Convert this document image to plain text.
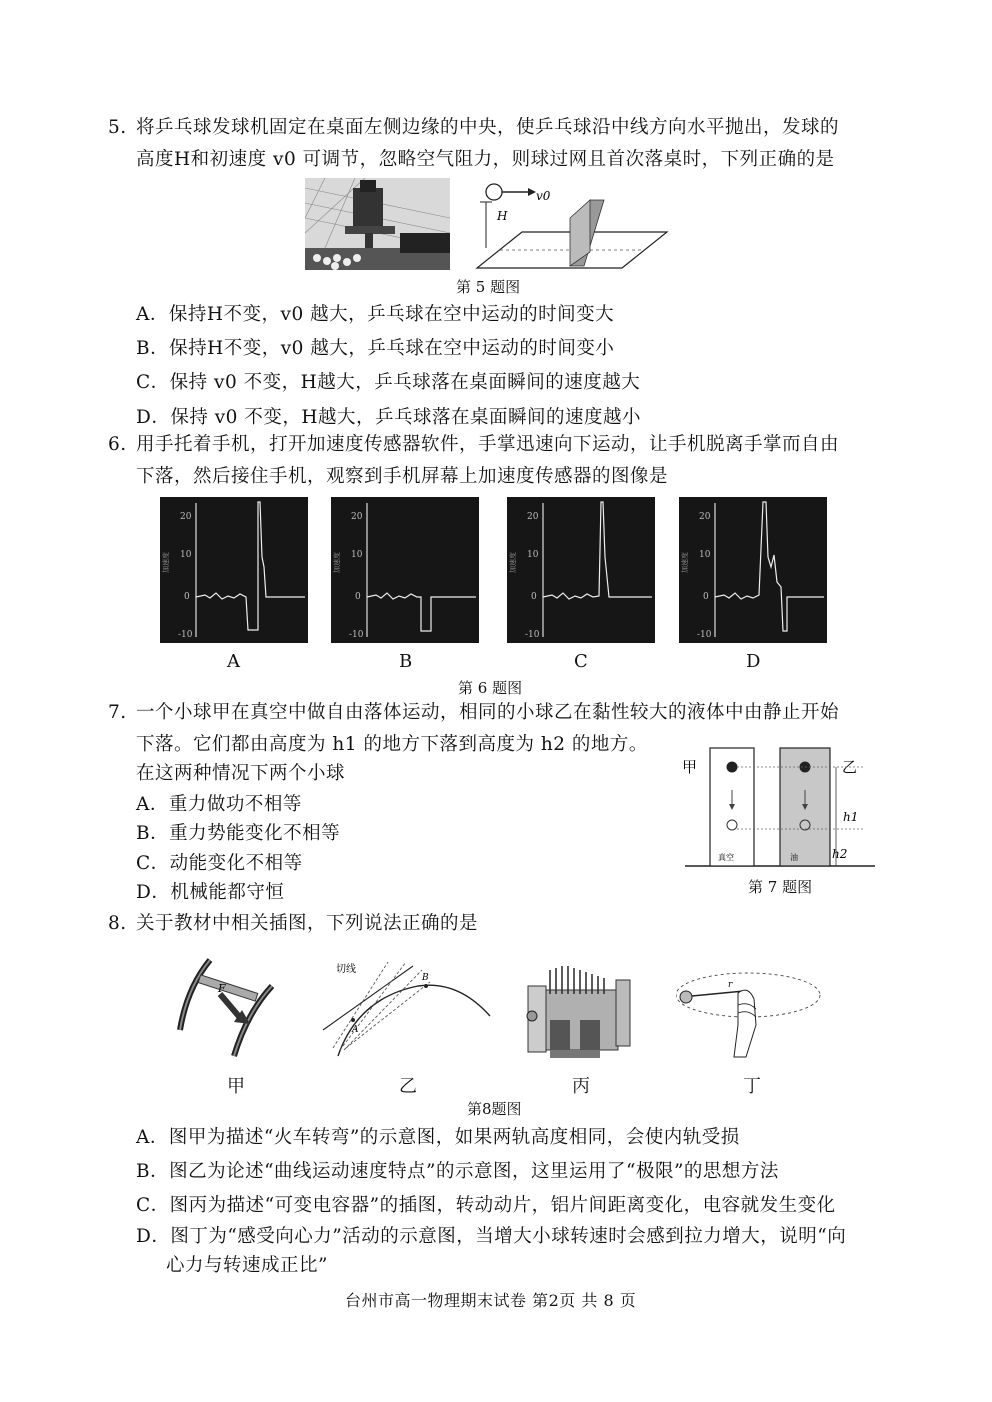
5. 将乒乓球发球机固定在桌面左侧边缘的中央，使乒乓球沿中线方向水平抛出，发球的
高度H和初速度 v0 可调节，忽略空气阻力，则球过网且首次落桌时，下列正确的是
v0
H
第 5 题图
A．保持H不变，v0 越大，乒乓球在空中运动的时间变大
B．保持H不变，v0 越大，乒乓球在空中运动的时间变小
C．保持 v0 不变，H越大，乒乓球落在桌面瞬间的速度越大
D．保持 v0 不变，H越大，乒乓球落在桌面瞬间的速度越小
6. 用手托着手机，打开加速度传感器软件，手掌迅速向下运动，让手机脱离手掌而自由
下落，然后接住手机，观察到手机屏幕上加速度传感器的图像是
20
10
0
-10
加速度
20
10
0
-10
加速度
20
10
0
-10
加速度
20
10
0
-10
加速度
A	B	C	D
第 6 题图
7. 一个小球甲在真空中做自由落体运动，相同的小球乙在黏性较大的液体中由静止开始
下落。它们都由高度为 h1 的地方下落到高度为 h2 的地方。
在这两种情况下两个小球
A．重力做功不相等
B．重力势能变化不相等
C．动能变化不相等
D．机械能都守恒
甲	乙
h1
h2
真空	油
第 7 题图
8. 关于教材中相关插图，下列说法正确的是
F
切线
A
B
r
甲	乙	丙	丁
第8题图
A．图甲为描述“火车转弯”的示意图，如果两轨高度相同，会使内轨受损
B．图乙为论述“曲线运动速度特点”的示意图，这里运用了“极限”的思想方法
C．图丙为描述“可变电容器”的插图，转动动片，铝片间距离变化，电容就发生变化
D．图丁为“感受向心力”活动的示意图，当增大小球转速时会感到拉力增大，说明“向
心力与转速成正比”
台州市高一物理期末试卷 第2页 共 8 页
